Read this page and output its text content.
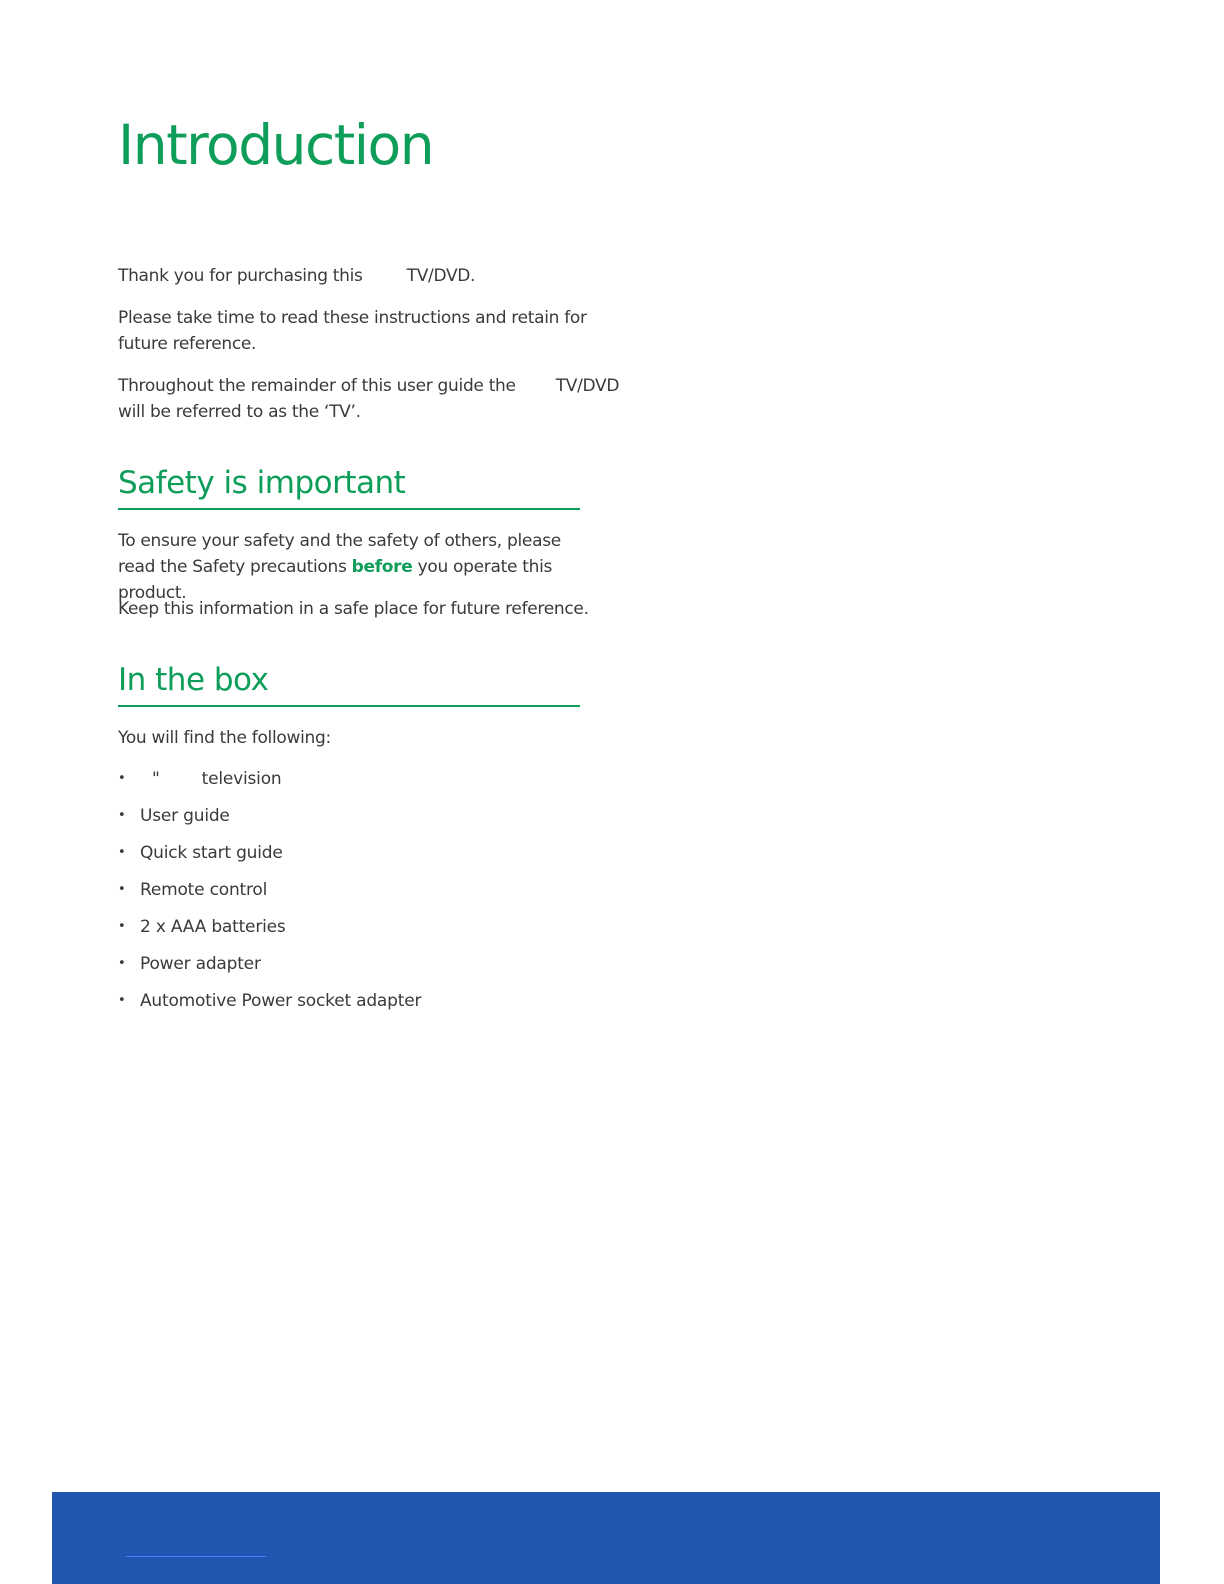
Introduction

Thank you for purchasing this	TV/DVD.

Please take time to read these instructions and retain for future reference.

Throughout the remainder of this user guide the TV/DVD will be referred to as the ‘TV’.

Safety is important

To ensure your safety and the safety of others, please read the Safety precautions before you operate this product.

Keep this information in a safe place for future reference.

In the box

You will find the following:

• " television
• User guide
• Quick start guide
• Remote control
• 2 x AAA batteries
• Power adapter
• Automotive Power socket adapter
